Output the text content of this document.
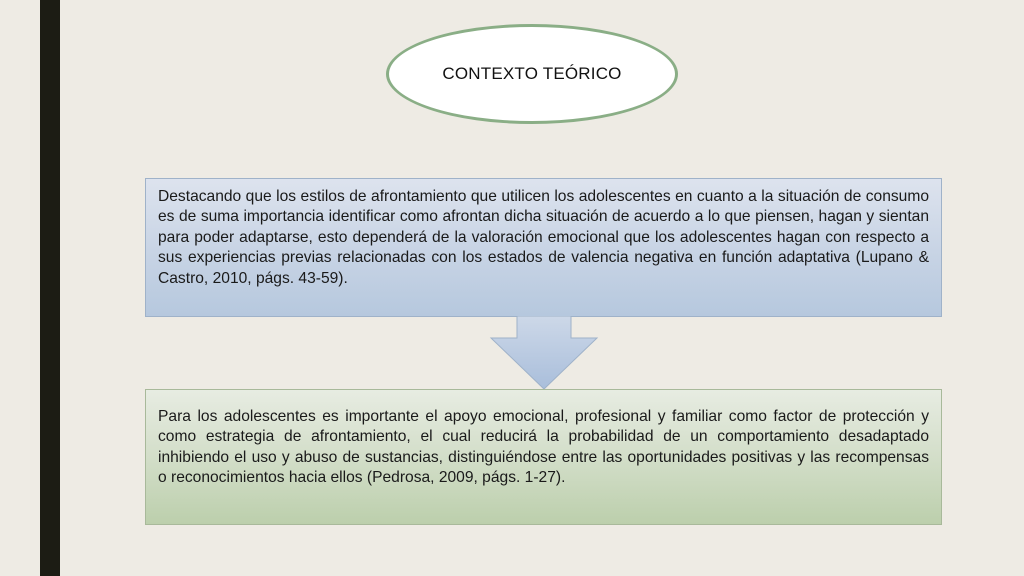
CONTEXTO TEÓRICO
Destacando que los estilos de afrontamiento que utilicen los adolescentes en cuanto a la situación de consumo es de suma importancia identificar como afrontan dicha situación de acuerdo a lo que piensen, hagan y sientan para poder adaptarse, esto dependerá de la valoración emocional que los adolescentes hagan con respecto a sus experiencias previas relacionadas con los estados de valencia negativa en función adaptativa (Lupano & Castro, 2010, págs. 43-59).
Para los adolescentes es importante el apoyo emocional, profesional y familiar como factor de protección y como estrategia de afrontamiento, el cual reducirá la probabilidad de un comportamiento desadaptado inhibiendo el uso y abuso de sustancias, distinguiéndose entre las oportunidades positivas y las recompensas o reconocimientos hacia ellos (Pedrosa, 2009, págs. 1-27).
